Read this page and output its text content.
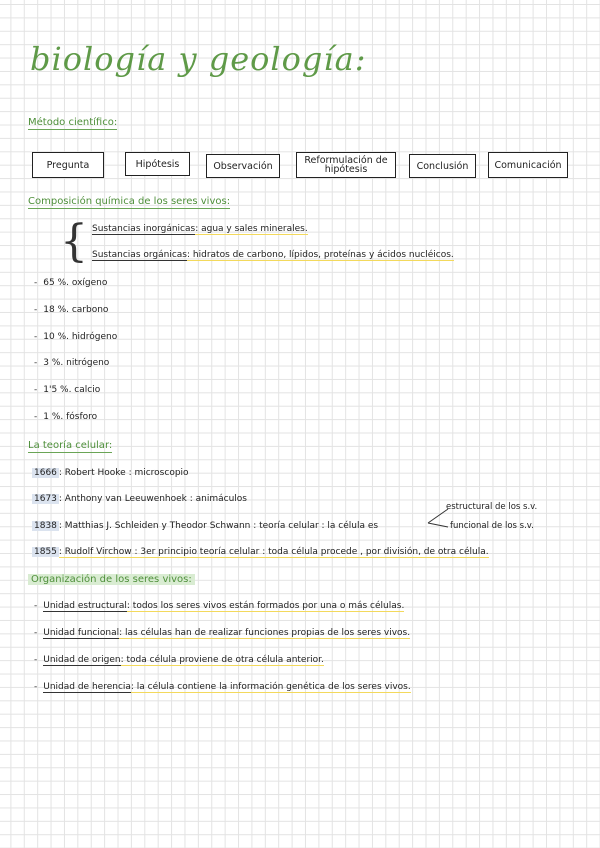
biología y geología:
Método científico:
Pregunta	Hipótesis	Observación	Reformulación de hipótesis	Conclusión	Comunicación
Composición química de los seres vivos:
{ Sustancias inorgánicas: agua y sales minerales.
Sustancias orgánicas: hidratos de carbono, lípidos, proteínas y ácidos nucléicos.
- 65 %. oxígeno
- 18 %. carbono
- 10 %. hidrógeno
- 3 %. nitrógeno
- 1'5 %. calcio
- 1 %. fósforo
La teoría celular:
1666 : Robert Hooke : microscopio
1673 : Anthony van Leeuwenhoek : animáculos
1838 : Matthias J. Schleiden y Theodor Schwann : teoría celular : la célula es
estructural de los s.v.
funcional de los s.v.
1855 : Rudolf Virchow : 3er principio teoría celular : toda célula procede , por división, de otra célula.
Organización de los seres vivos:
- Unidad estructural: todos los seres vivos están formados por una o más células.
- Unidad funcional: las células han de realizar funciones propias de los seres vivos.
- Unidad de origen: toda célula proviene de otra célula anterior.
- Unidad de herencia: la célula contiene la información genética de los seres vivos.
